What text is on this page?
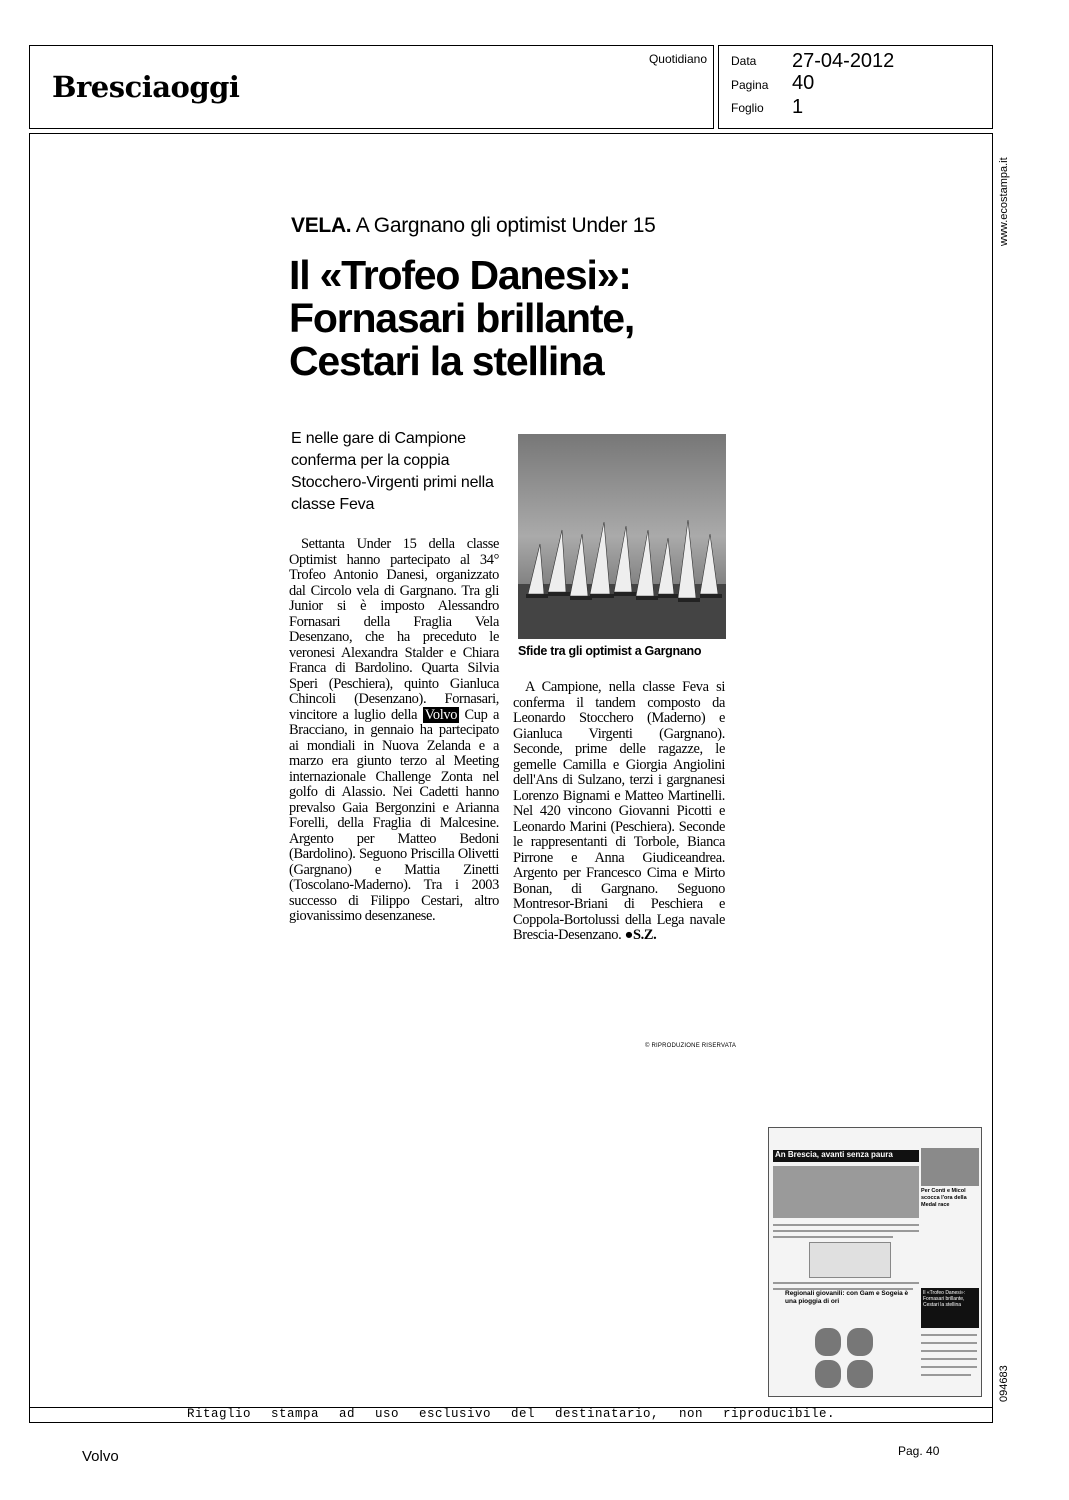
Quotidiano
Bresciaoggi
Data 27-04-2012
Pagina 40
Foglio 1
Ritaglio stampa ad uso esclusivo del destinatario, non riproducibile.
www.ecostampa.it
094683
VELA. A Gargnano gli optimist Under 15
Il «Trofeo Danesi»: Fornasari brillante, Cestari la stellina
E nelle gare di Campione conferma per la coppia Stocchero-Virgenti primi nella classe Feva
Sfide tra gli optimist a Gargnano

Settanta Under 15 della classe Optimist hanno partecipato al 34° Trofeo Antonio Danesi, organizzato dal Circolo vela di Gargnano. Tra gli Junior si è imposto Alessandro Fornasari della Fraglia Vela Desenzano, che ha preceduto le veronesi Alexandra Stalder e Chiara Franca di Bardolino. Quarta Silvia Speri (Peschiera), quinto Gianluca Chincoli (Desenzano). Fornasari, vincitore a luglio della Volvo Cup a Bracciano, in gennaio ha partecipato ai mondiali in Nuova Zelanda e a marzo era giunto terzo al Meeting internazionale Challenge Zonta nel golfo di Alassio. Nei Cadetti hanno prevalso Gaia Bergonzini e Arianna Forelli, della Fraglia di Malcesine. Argento per Matteo Bedoni (Bardolino). Seguono Priscilla Olivetti (Gargnano) e Mattia Zinetti (Toscolano-Maderno). Tra i 2003 successo di Filippo Cestari, altro giovanissimo desenzanese.

A Campione, nella classe Feva si conferma il tandem composto da Leonardo Stocchero (Maderno) e Gianluca Virgenti (Gargnano). Seconde, prime delle ragazze, le gemelle Camilla e Giorgia Angiolini dell'Ans di Sulzano, terzi i gargnanesi Lorenzo Bignami e Matteo Martinelli. Nel 420 vincono Giovanni Picotti e Leonardo Marini (Peschiera). Seconde le rappresentanti di Torbole, Bianca Pirrone e Anna Giudiceandrea. Argento per Francesco Cima e Mirto Bonan, di Gargnano. Seguono Montresor-Briani di Peschiera e Coppola-Bortolussi della Lega navale Brescia-Desenzano. ●S.Z.

© RIPRODUZIONE RISERVATA
An Brescia, avanti senza paura
Per Conti e Micol scocca l'ora della Medal race
Regionali giovanili: con Gam e Sogeia è una pioggia di ori
Il «Trofeo Danesi»: Fornasari brillante, Cestari la stellina
Volvo	Pag. 40
